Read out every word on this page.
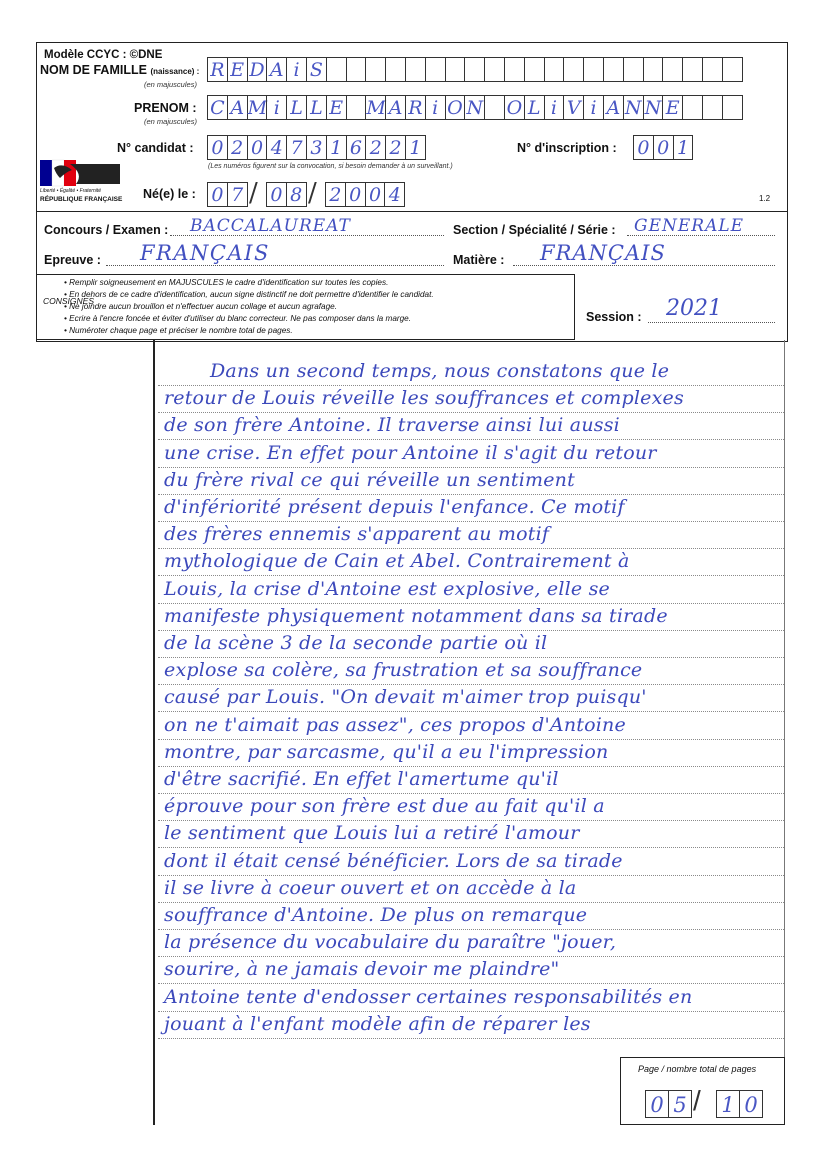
Modèle CCYC : ©DNE
NOM DE FAMILLE (naissance) :
(en majuscules)
R E D A i S
PRENOM :
(en majuscules)
C A M i L L E M A R i O N O L i V i A N N E
N° candidat : 0 2 0 4 7 3 1 6 2 2 1
(Les numéros figurent sur la convocation, si besoin demander à un surveillant.)
N° d'inscription : 0 0 1
Liberté • Égalité • Fraternité
RÉPUBLIQUE FRANÇAISE Né(e) le : 0 7 / 0 8 / 2 0 0 4	1.2
Concours / Examen : BACCALAUREAT	Section / Spécialité / Série : GENERALE
Epreuve : FRANÇAIS	Matière : FRANÇAIS
CONSIGNES
• Remplir soigneusement en MAJUSCULES le cadre d'identification sur toutes les copies.
• En dehors de ce cadre d'identification, aucun signe distinctif ne doit permettre d'identifier le candidat.
• Ne joindre aucun brouillon et n'effectuer aucun collage et aucun agrafage.
• Ecrire à l'encre foncée et éviter d'utiliser du blanc correcteur. Ne pas composer dans la marge.
• Numéroter chaque page et préciser le nombre total de pages.
Session : 2021
Dans un second temps, nous constatons que le
retour de Louis réveille les souffrances et complexes
de son frère Antoine. Il traverse ainsi lui aussi
une crise. En effet pour Antoine il s'agit du retour
du frère rival ce qui réveille un sentiment
d'infériorité présent depuis l'enfance. Ce motif
des frères ennemis s'apparent au motif
mythologique de Cain et Abel. Contrairement à
Louis, la crise d'Antoine est explosive, elle se
manifeste physiquement notamment dans sa tirade
de la scène 3 de la seconde partie où il
explose sa colère, sa frustration et sa souffrance
causé par Louis. "On devait m'aimer trop puisqu'
on ne t'aimait pas assez", ces propos d'Antoine
montre, par sarcasme, qu'il a eu l'impression
d'être sacrifié. En effet l'amertume qu'il
éprouve pour son frère est due au fait qu'il a
le sentiment que Louis lui a retiré l'amour
dont il était censé bénéficier. Lors de sa tirade
il se livre à coeur ouvert et on accède à la
souffrance d'Antoine. De plus on remarque
la présence du vocabulaire du paraître "jouer,
sourire, à ne jamais devoir me plaindre"
Antoine tente d'endosser certaines responsabilités en
jouant à l'enfant modèle afin de réparer les
Page / nombre total de pages
0 5 / 1 0
